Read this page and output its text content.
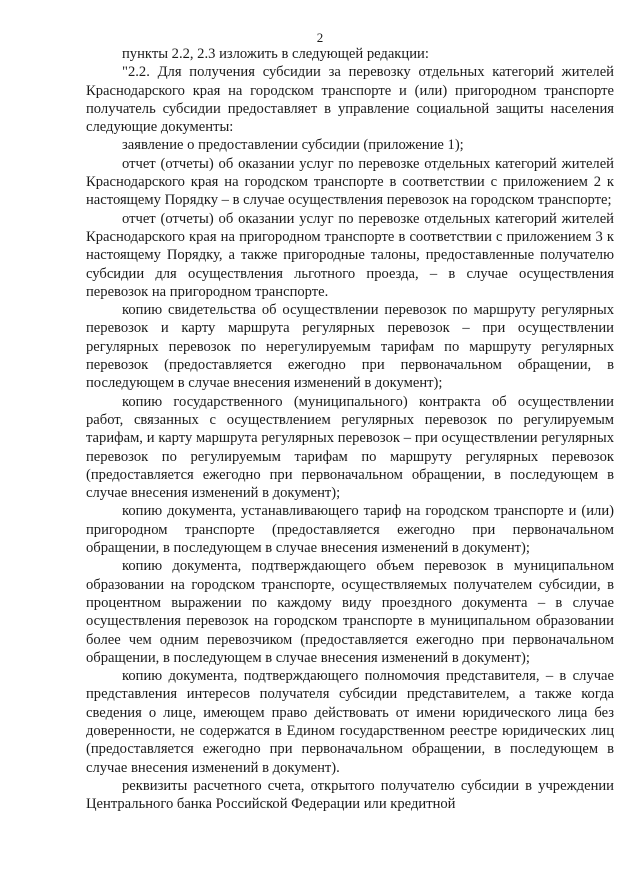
2

пункты 2.2, 2.3 изложить в следующей редакции:

"2.2. Для получения субсидии за перевозку отдельных категорий жителей Краснодарского края на городском транспорте и (или) пригородном транспорте получатель субсидии предоставляет в управление социальной защиты населения следующие документы:

заявление о предоставлении субсидии (приложение 1);

отчет (отчеты) об оказании услуг по перевозке отдельных категорий жителей Краснодарского края на городском транспорте в соответствии с приложением 2 к настоящему Порядку – в случае осуществления перевозок на городском транспорте;

отчет (отчеты) об оказании услуг по перевозке отдельных категорий жителей Краснодарского края на пригородном транспорте в соответствии с приложением 3 к настоящему Порядку, а также пригородные талоны, предоставленные получателю субсидии для осуществления льготного проезда, – в случае осуществления перевозок на пригородном транспорте.

копию свидетельства об осуществлении перевозок по маршруту регулярных перевозок и карту маршрута регулярных перевозок – при осуществлении регулярных перевозок по нерегулируемым тарифам по маршруту регулярных перевозок (предоставляется ежегодно при первоначальном обращении, в последующем в случае внесения изменений в документ);

копию государственного (муниципального) контракта об осуществлении работ, связанных с осуществлением регулярных перевозок по регулируемым тарифам, и карту маршрута регулярных перевозок – при осуществлении регулярных перевозок по регулируемым тарифам по маршруту регулярных перевозок (предоставляется ежегодно при первоначальном обращении, в последующем в случае внесения изменений в документ);

копию документа, устанавливающего тариф на городском транспорте и (или) пригородном транспорте (предоставляется ежегодно при первоначальном обращении, в последующем в случае внесения изменений в документ);

копию документа, подтверждающего объем перевозок в муниципальном образовании на городском транспорте, осуществляемых получателем субсидии, в процентном выражении по каждому виду проездного документа – в случае осуществления перевозок на городском транспорте в муниципальном образовании более чем одним перевозчиком (предоставляется ежегодно при первоначальном обращении, в последующем в случае внесения изменений в документ);

копию документа, подтверждающего полномочия представителя, – в случае представления интересов получателя субсидии представителем, а также когда сведения о лице, имеющем право действовать от имени юридического лица без доверенности, не содержатся в Едином государственном реестре юридических лиц (предоставляется ежегодно при первоначальном обращении, в последующем в случае внесения изменений в документ).

реквизиты расчетного счета, открытого получателю субсидии в учреждении Центрального банка Российской Федерации или кредитной
